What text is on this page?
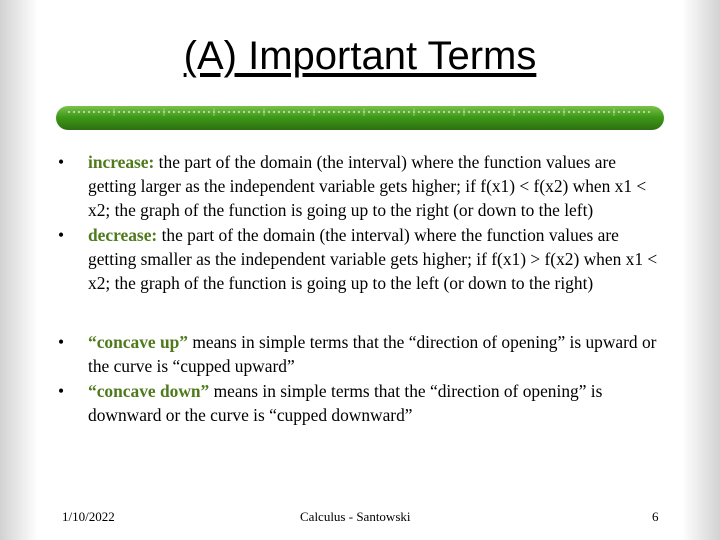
(A) Important Terms
• increase: the part of the domain (the interval) where the function values are getting larger as the independent variable gets higher; if f(x1) < f(x2) when x1 < x2; the graph of the function is going up to the right (or down to the left)
• decrease: the part of the domain (the interval) where the function values are getting smaller as the independent variable gets higher; if f(x1) > f(x2) when x1 < x2; the graph of the function is going up to the left (or down to the right)
• “concave up” means in simple terms that the “direction of opening” is upward or the curve is “cupped upward”
• “concave down” means in simple terms that the “direction of opening” is downward or the curve is “cupped downward”
1/10/2022	Calculus - Santowski	6
